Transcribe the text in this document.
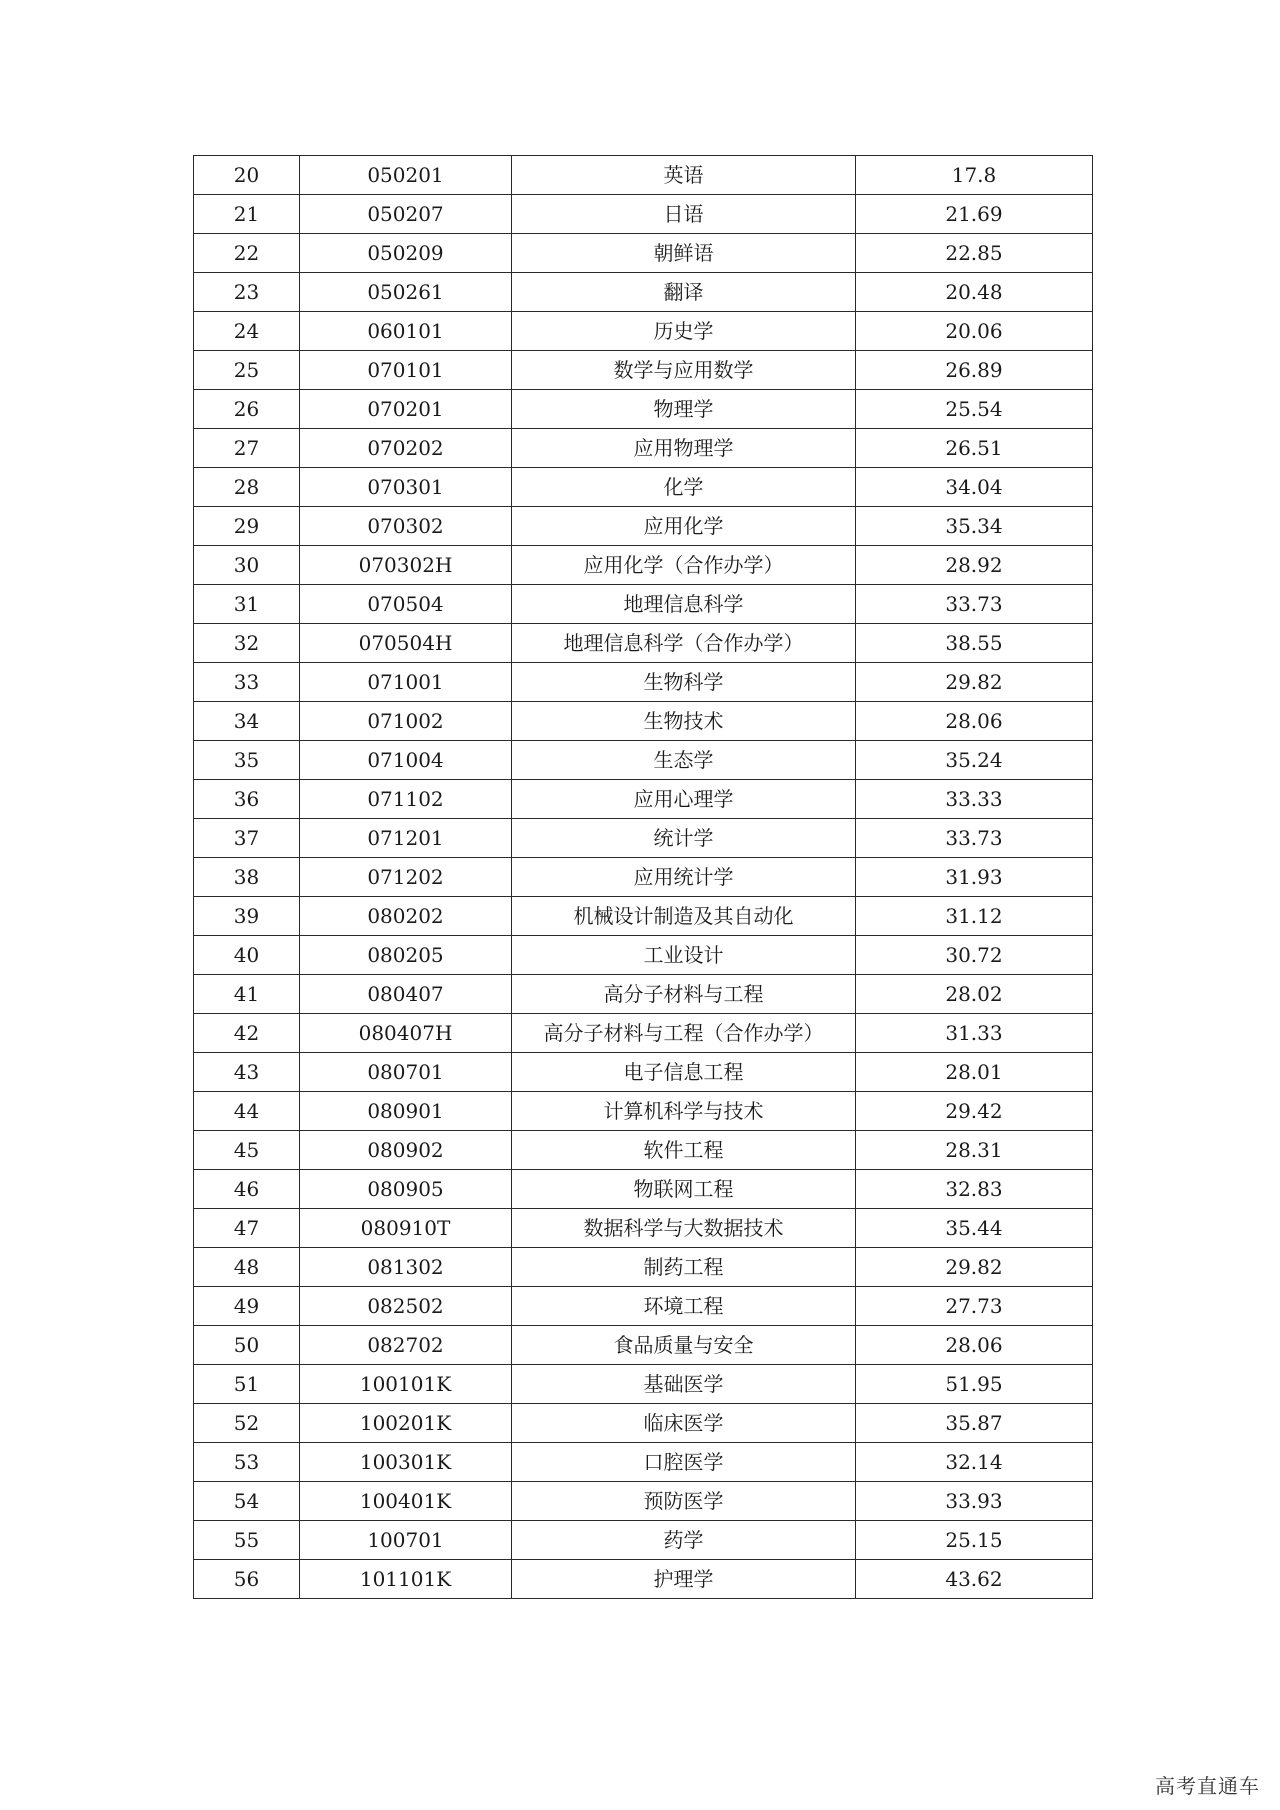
20	050201	英语	17.8
21	050207	日语	21.69
22	050209	朝鲜语	22.85
23	050261	翻译	20.48
24	060101	历史学	20.06
25	070101	数学与应用数学	26.89
26	070201	物理学	25.54
27	070202	应用物理学	26.51
28	070301	化学	34.04
29	070302	应用化学	35.34
30	070302H	应用化学（合作办学）	28.92
31	070504	地理信息科学	33.73
32	070504H	地理信息科学（合作办学）	38.55
33	071001	生物科学	29.82
34	071002	生物技术	28.06
35	071004	生态学	35.24
36	071102	应用心理学	33.33
37	071201	统计学	33.73
38	071202	应用统计学	31.93
39	080202	机械设计制造及其自动化	31.12
40	080205	工业设计	30.72
41	080407	高分子材料与工程	28.02
42	080407H	高分子材料与工程（合作办学）	31.33
43	080701	电子信息工程	28.01
44	080901	计算机科学与技术	29.42
45	080902	软件工程	28.31
46	080905	物联网工程	32.83
47	080910T	数据科学与大数据技术	35.44
48	081302	制药工程	29.82
49	082502	环境工程	27.73
50	082702	食品质量与安全	28.06
51	100101K	基础医学	51.95
52	100201K	临床医学	35.87
53	100301K	口腔医学	32.14
54	100401K	预防医学	33.93
55	100701	药学	25.15
56	101101K	护理学	43.62
高考直通车
